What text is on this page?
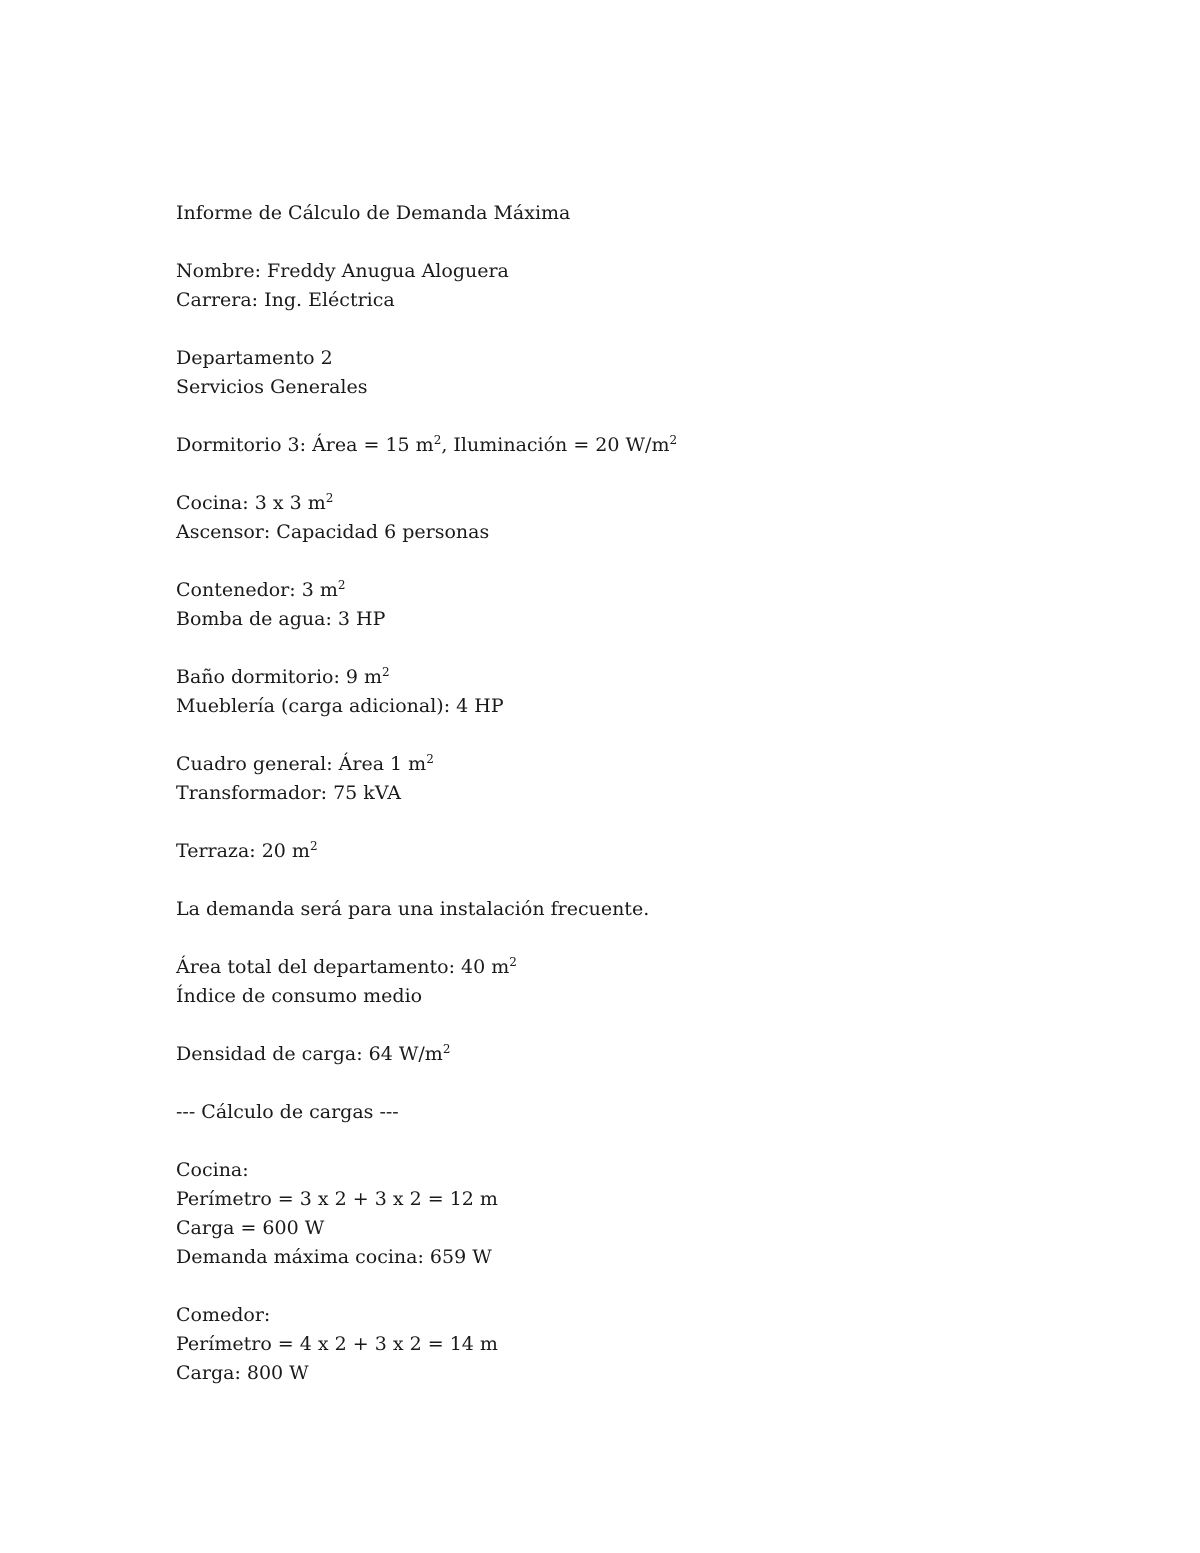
Informe de Cálculo de Demanda Máxima
Nombre: Freddy Anugua Aloguera
Carrera: Ing. Eléctrica
Departamento 2
Servicios Generales
Dormitorio 3: Área = 15 $m^2$, Iluminación = 20 $W/m^2$
Cocina: 3 x 3 $m^2$
Ascensor: Capacidad 6 personas
Contenedor: 3 $m^2$
Bomba de agua: 3 HP
Baño dormitorio: 9 $m^2$
Mueblería (carga adicional): 4 HP
Cuadro general: Área 1 $m^2$
Transformador: 75 kVA
Terraza: 20 $m^2$
La demanda será para una instalación frecuente.
Área total del departamento: 40 $m^2$
Índice de consumo medio
Densidad de carga: 64 $W/m^2$
--- Cálculo de cargas ---
Cocina:
Perímetro = 3 x 2 + 3 x 2 = 12 m
Carga = 600 W
Demanda máxima cocina: 659 W
Comedor:
Perímetro = 4 x 2 + 3 x 2 = 14 m
Carga: 800 W
